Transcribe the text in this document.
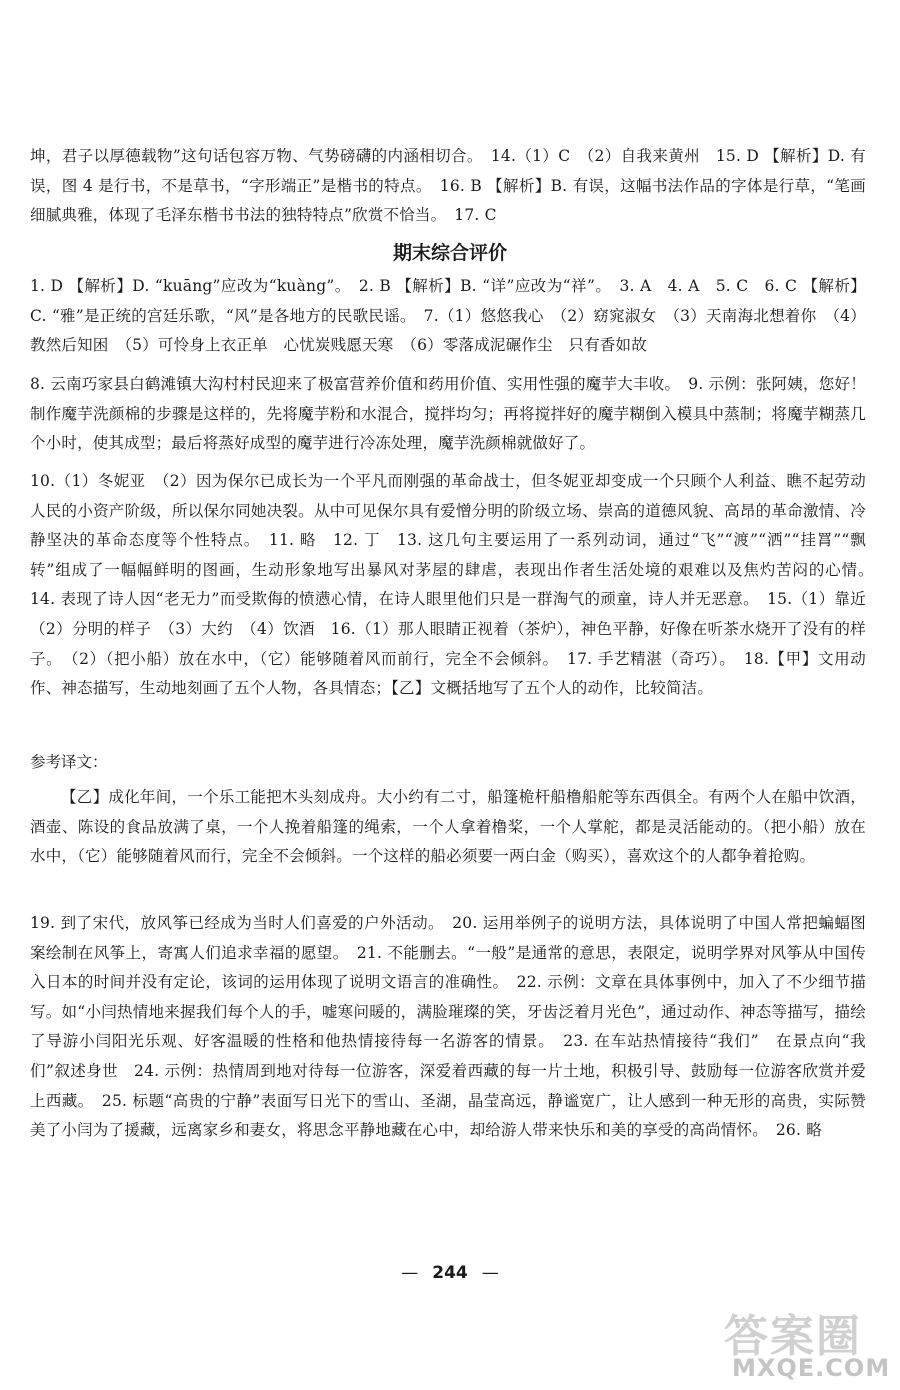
坤，君子以厚德载物”这句话包容万物、气势磅礴的内涵相切合。　14.（1）C　（2）自我来黄州　15. D 【解析】D. 有误，图 4 是行书，不是草书，“字形端正”是楷书的特点。　16. B 【解析】B. 有误，这幅书法作品的字体是行草，“笔画细腻典雅，体现了毛泽东楷书书法的独特特点”欣赏不恰当。　17. C

期末综合评价

1. D 【解析】D. “kuāng”应改为“kuàng”。　2. B 【解析】B. “详”应改为“祥”。　3. A　4. A　5. C　6. C 【解析】C. “雅”是正统的宫廷乐歌，“风”是各地方的民歌民谣。　7.（1）悠悠我心　（2）窈窕淑女　（3）天南海北想着你　（4）教然后知困　（5）可怜身上衣正单　心忧炭贱愿天寒　（6）零落成泥碾作尘　只有香如故

8. 云南巧家县白鹤滩镇大沟村村民迎来了极富营养价值和药用价值、实用性强的魔芋大丰收。　9. 示例：张阿姨，您好！制作魔芋洗颜棉的步骤是这样的，先将魔芋粉和水混合，搅拌均匀；再将搅拌好的魔芋糊倒入模具中蒸制；将魔芋糊蒸几个小时，使其成型；最后将蒸好成型的魔芋进行冷冻处理，魔芋洗颜棉就做好了。

10.（1）冬妮亚　（2）因为保尔已成长为一个平凡而刚强的革命战士，但冬妮亚却变成一个只顾个人利益、瞧不起劳动人民的小资产阶级，所以保尔同她决裂。从中可见保尔具有爱憎分明的阶级立场、崇高的道德风貌、高昂的革命激情、冷静坚决的革命态度等个性特点。　11. 略　12. 丁　13. 这几句主要运用了一系列动词，通过“飞”“渡”“洒”“挂罥”“飘转”组成了一幅幅鲜明的图画，生动形象地写出暴风对茅屋的肆虐，表现出作者生活处境的艰难以及焦灼苦闷的心情。　14. 表现了诗人因“老无力”而受欺侮的愤懑心情，在诗人眼里他们只是一群淘气的顽童，诗人并无恶意。　15.（1）靠近　（2）分明的样子　（3）大约　（4）饮酒　16.（1）那人眼睛正视着（茶炉），神色平静，好像在听茶水烧开了没有的样子。　（2）（把小船）放在水中，（它）能够随着风而前行，完全不会倾斜。　17. 手艺精湛（奇巧）。　18.【甲】文用动作、神态描写，生动地刻画了五个人物，各具情态；【乙】文概括地写了五个人的动作，比较简洁。

参考译文：

【乙】成化年间，一个乐工能把木头刻成舟。大小约有二寸，船篷桅杆船橹船舵等东西俱全。有两个人在船中饮酒，酒壶、陈设的食品放满了桌，一个人挽着船篷的绳索，一个人拿着橹桨，一个人掌舵，都是灵活能动的。（把小船）放在水中，（它）能够随着风而行，完全不会倾斜。一个这样的船必须要一两白金（购买），喜欢这个的人都争着抢购。

19. 到了宋代，放风筝已经成为当时人们喜爱的户外活动。　20. 运用举例子的说明方法，具体说明了中国人常把蝙蝠图案绘制在风筝上，寄寓人们追求幸福的愿望。　21. 不能删去。“一般”是通常的意思，表限定，说明学界对风筝从中国传入日本的时间并没有定论，该词的运用体现了说明文语言的准确性。　22. 示例：文章在具体事例中，加入了不少细节描写。如“小闫热情地来握我们每个人的手，嘘寒问暖的，满脸璀璨的笑，牙齿泛着月光色”，通过动作、神态等描写，描绘了导游小闫阳光乐观、好客温暖的性格和他热情接待每一名游客的情景。　23. 在车站热情接待“我们”　在景点向“我们”叙述身世　24. 示例：热情周到地对待每一位游客，深爱着西藏的每一片土地，积极引导、鼓励每一位游客欣赏并爱上西藏。　25. 标题“高贵的宁静”表面写日光下的雪山、圣湖，晶莹高远，静谧宽广，让人感到一种无形的高贵，实际赞美了小闫为了援藏，远离家乡和妻女，将思念平静地藏在心中，却给游人带来快乐和美的享受的高尚情怀。　26. 略

— 244 —
答案圈
MXQE.COM
